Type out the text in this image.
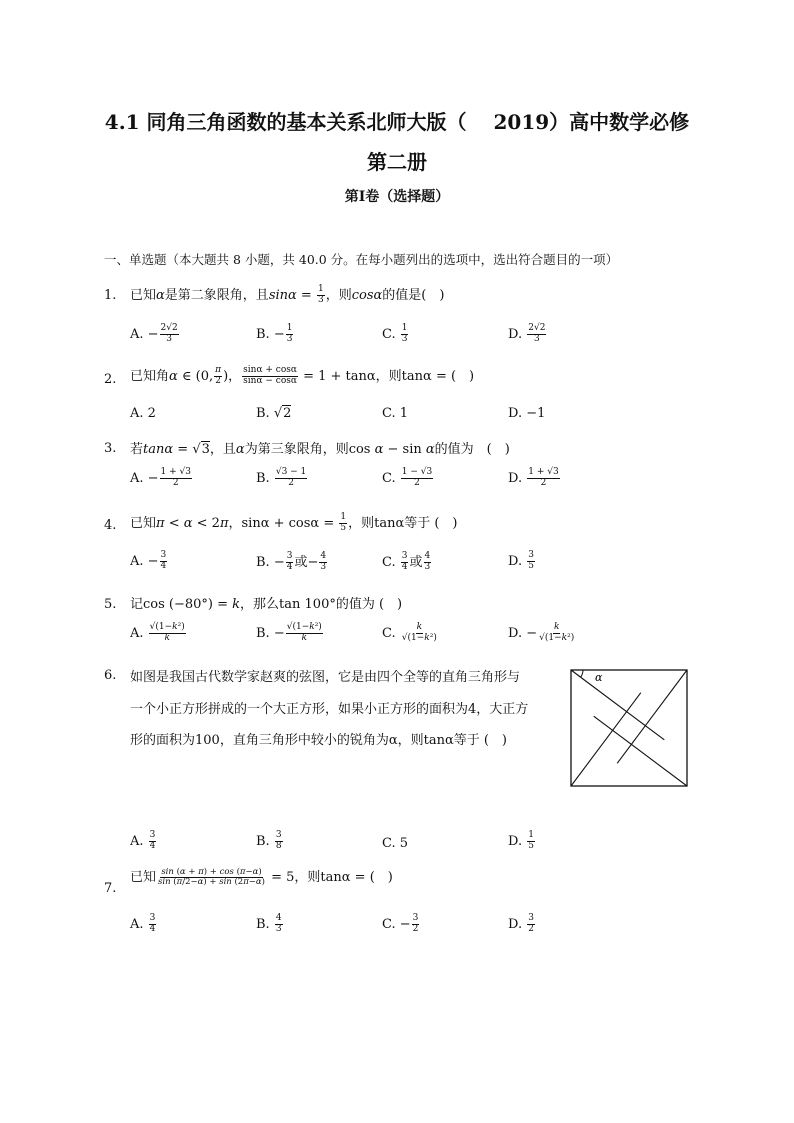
4.1 同角三角函数的基本关系北师大版（　 2019）高中数学必修
第二册
第Ⅰ卷（选择题）
一、单选题（本大题共 8 小题，共 40.0 分。在每小题列出的选项中，选出符合题目的一项）
1. 已知α是第二象限角，且$\sin\alpha = \frac{1}{3}$ ，则cosα的值是(　)
A. − $\frac{2√2}{3}$	B. − $\frac{1}{3}$	C. $\frac{1}{3}$	D. $\frac{2√2}{3}$
2. 已知角α ∈ (0, $\frac{\pi}{2}$ )， $\frac{\sin\alpha + \cos\alpha}{\sin\alpha - \cos\alpha} = 1 + \tan\alpha$，则tanα = (　)
A. 2	B. √2	C. 1	D. −1
3. 若tanα = √3，且α为第三象限角，则cos α − sin α的值为　(　)
A. − $\frac{1 + √3}{2}$	B. $\frac{√3 - 1}{2}$	C. $\frac{1 - √3}{2}$	D. $\frac{1 + √3}{2}$
4. 已知π < α < 2π，$\sin\alpha + \cos\alpha = \frac{1}{5}$ ，则tanα等于 (　)
A. − $\frac{3}{4}$	B. − $\frac{3}{4}$ 或− $\frac{4}{3}$	C. $\frac{3}{4}$ 或 $\frac{4}{3}$	D. $\frac{3}{5}$
5. 记cos (−80°) = k，那么tan 100°的值为 (　)
A. $\frac{\text{√(1−k²)}}{k}$	B. − $\frac{\text{√(1−k²)}}{k}$	C. $\frac{k}{\text{√(1−k²)}}$	D. − $\frac{k}{\text{√(1−k²)}}$
6. 如图是我国古代数学家赵爽的弦图，它是由四个全等的直角三角形与
一个小正方形拼成的一个大正方形，如果小正方形的面积为4，大正方
形的面积为100，直角三角形中较小的锐角为α，则tanα等于 (　)
α
A. $\frac{3}{4}$	B. $\frac{3}{8}$	C. 5	D. $\frac{1}{5}$
7.
已知 $\frac{\sin (\alpha + \pi) + \cos (\pi-\alpha)}{\sin (\pi/2-\alpha) + \sin (2\pi-\alpha)} = 5$，则tanα = (　)
A. $\frac{3}{4}$	B. $\frac{4}{3}$	C. − $\frac{3}{2}$	D. $\frac{3}{2}$
